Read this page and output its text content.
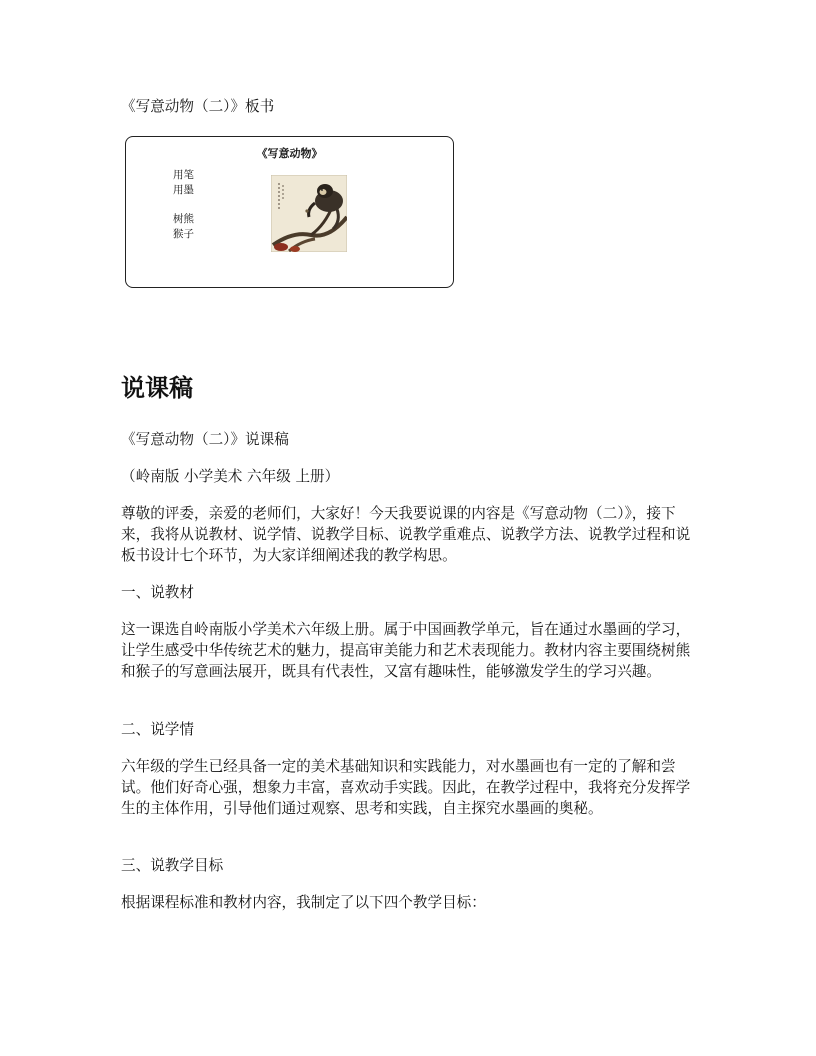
《写意动物（二）》板书

《写意动物》
用笔
用墨
树熊
猴子
说课稿

《写意动物（二）》说课稿

（岭南版 小学美术 六年级 上册）

尊敬的评委，亲爱的老师们，大家好！今天我要说课的内容是《写意动物（二）》，接下来，我将从说教材、说学情、说教学目标、说教学重难点、说教学方法、说教学过程和说板书设计七个环节，为大家详细阐述我的教学构思。

一、说教材

这一课选自岭南版小学美术六年级上册。属于中国画教学单元，旨在通过水墨画的学习，让学生感受中华传统艺术的魅力，提高审美能力和艺术表现能力。教材内容主要围绕树熊和猴子的写意画法展开，既具有代表性，又富有趣味性，能够激发学生的学习兴趣。

二、说学情

六年级的学生已经具备一定的美术基础知识和实践能力，对水墨画也有一定的了解和尝试。他们好奇心强，想象力丰富，喜欢动手实践。因此，在教学过程中，我将充分发挥学生的主体作用，引导他们通过观察、思考和实践，自主探究水墨画的奥秘。

三、说教学目标

根据课程标准和教材内容，我制定了以下四个教学目标：
